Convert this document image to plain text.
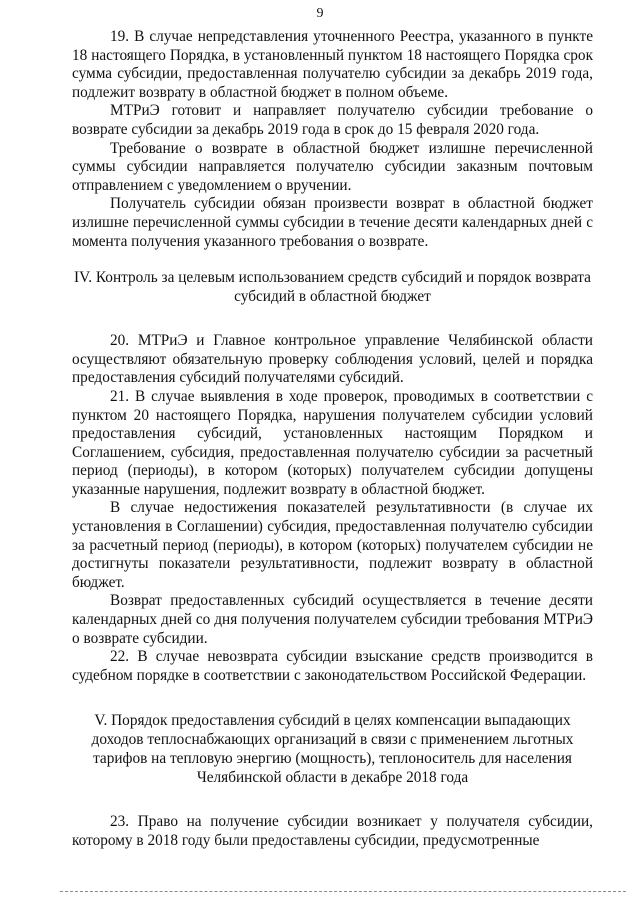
9

19. В случае непредставления уточненного Реестра, указанного в пункте 18 настоящего Порядка, в установленный пунктом 18 настоящего Порядка срок сумма субсидии, предоставленная получателю субсидии за декабрь 2019 года, подлежит возврату в областной бюджет в полном объеме.

МТРиЭ готовит и направляет получателю субсидии требование о возврате субсидии за декабрь 2019 года в срок до 15 февраля 2020 года.

Требование о возврате в областной бюджет излишне перечисленной суммы субсидии направляется получателю субсидии заказным почтовым отправлением с уведомлением о вручении.

Получатель субсидии обязан произвести возврат в областной бюджет излишне перечисленной суммы субсидии в течение десяти календарных дней с момента получения указанного требования о возврате.

IV. Контроль за целевым использованием средств субсидий и порядок возврата
субсидий в областной бюджет

20. МТРиЭ и Главное контрольное управление Челябинской области осуществляют обязательную проверку соблюдения условий, целей и порядка предоставления субсидий получателями субсидий.

21. В случае выявления в ходе проверок, проводимых в соответствии с пунктом 20 настоящего Порядка, нарушения получателем субсидии условий предоставления субсидий, установленных настоящим Порядком и Соглашением, субсидия, предоставленная получателю субсидии за расчетный период (периоды), в котором (которых) получателем субсидии допущены указанные нарушения, подлежит возврату в областной бюджет.

В случае недостижения показателей результативности (в случае их установления в Соглашении) субсидия, предоставленная получателю субсидии за расчетный период (периоды), в котором (которых) получателем субсидии не достигнуты показатели результативности, подлежит возврату в областной бюджет.

Возврат предоставленных субсидий осуществляется в течение десяти календарных дней со дня получения получателем субсидии требования МТРиЭ о возврате субсидии.

22. В случае невозврата субсидии взыскание средств производится в судебном порядке в соответствии с законодательством Российской Федерации.

V. Порядок предоставления субсидий в целях компенсации выпадающих
доходов теплоснабжающих организаций в связи с применением льготных
тарифов на тепловую энергию (мощность), теплоноситель для населения
Челябинской области в декабре 2018 года

23. Право на получение субсидии возникает у получателя субсидии, которому в 2018 году были предоставлены субсидии, предусмотренные
